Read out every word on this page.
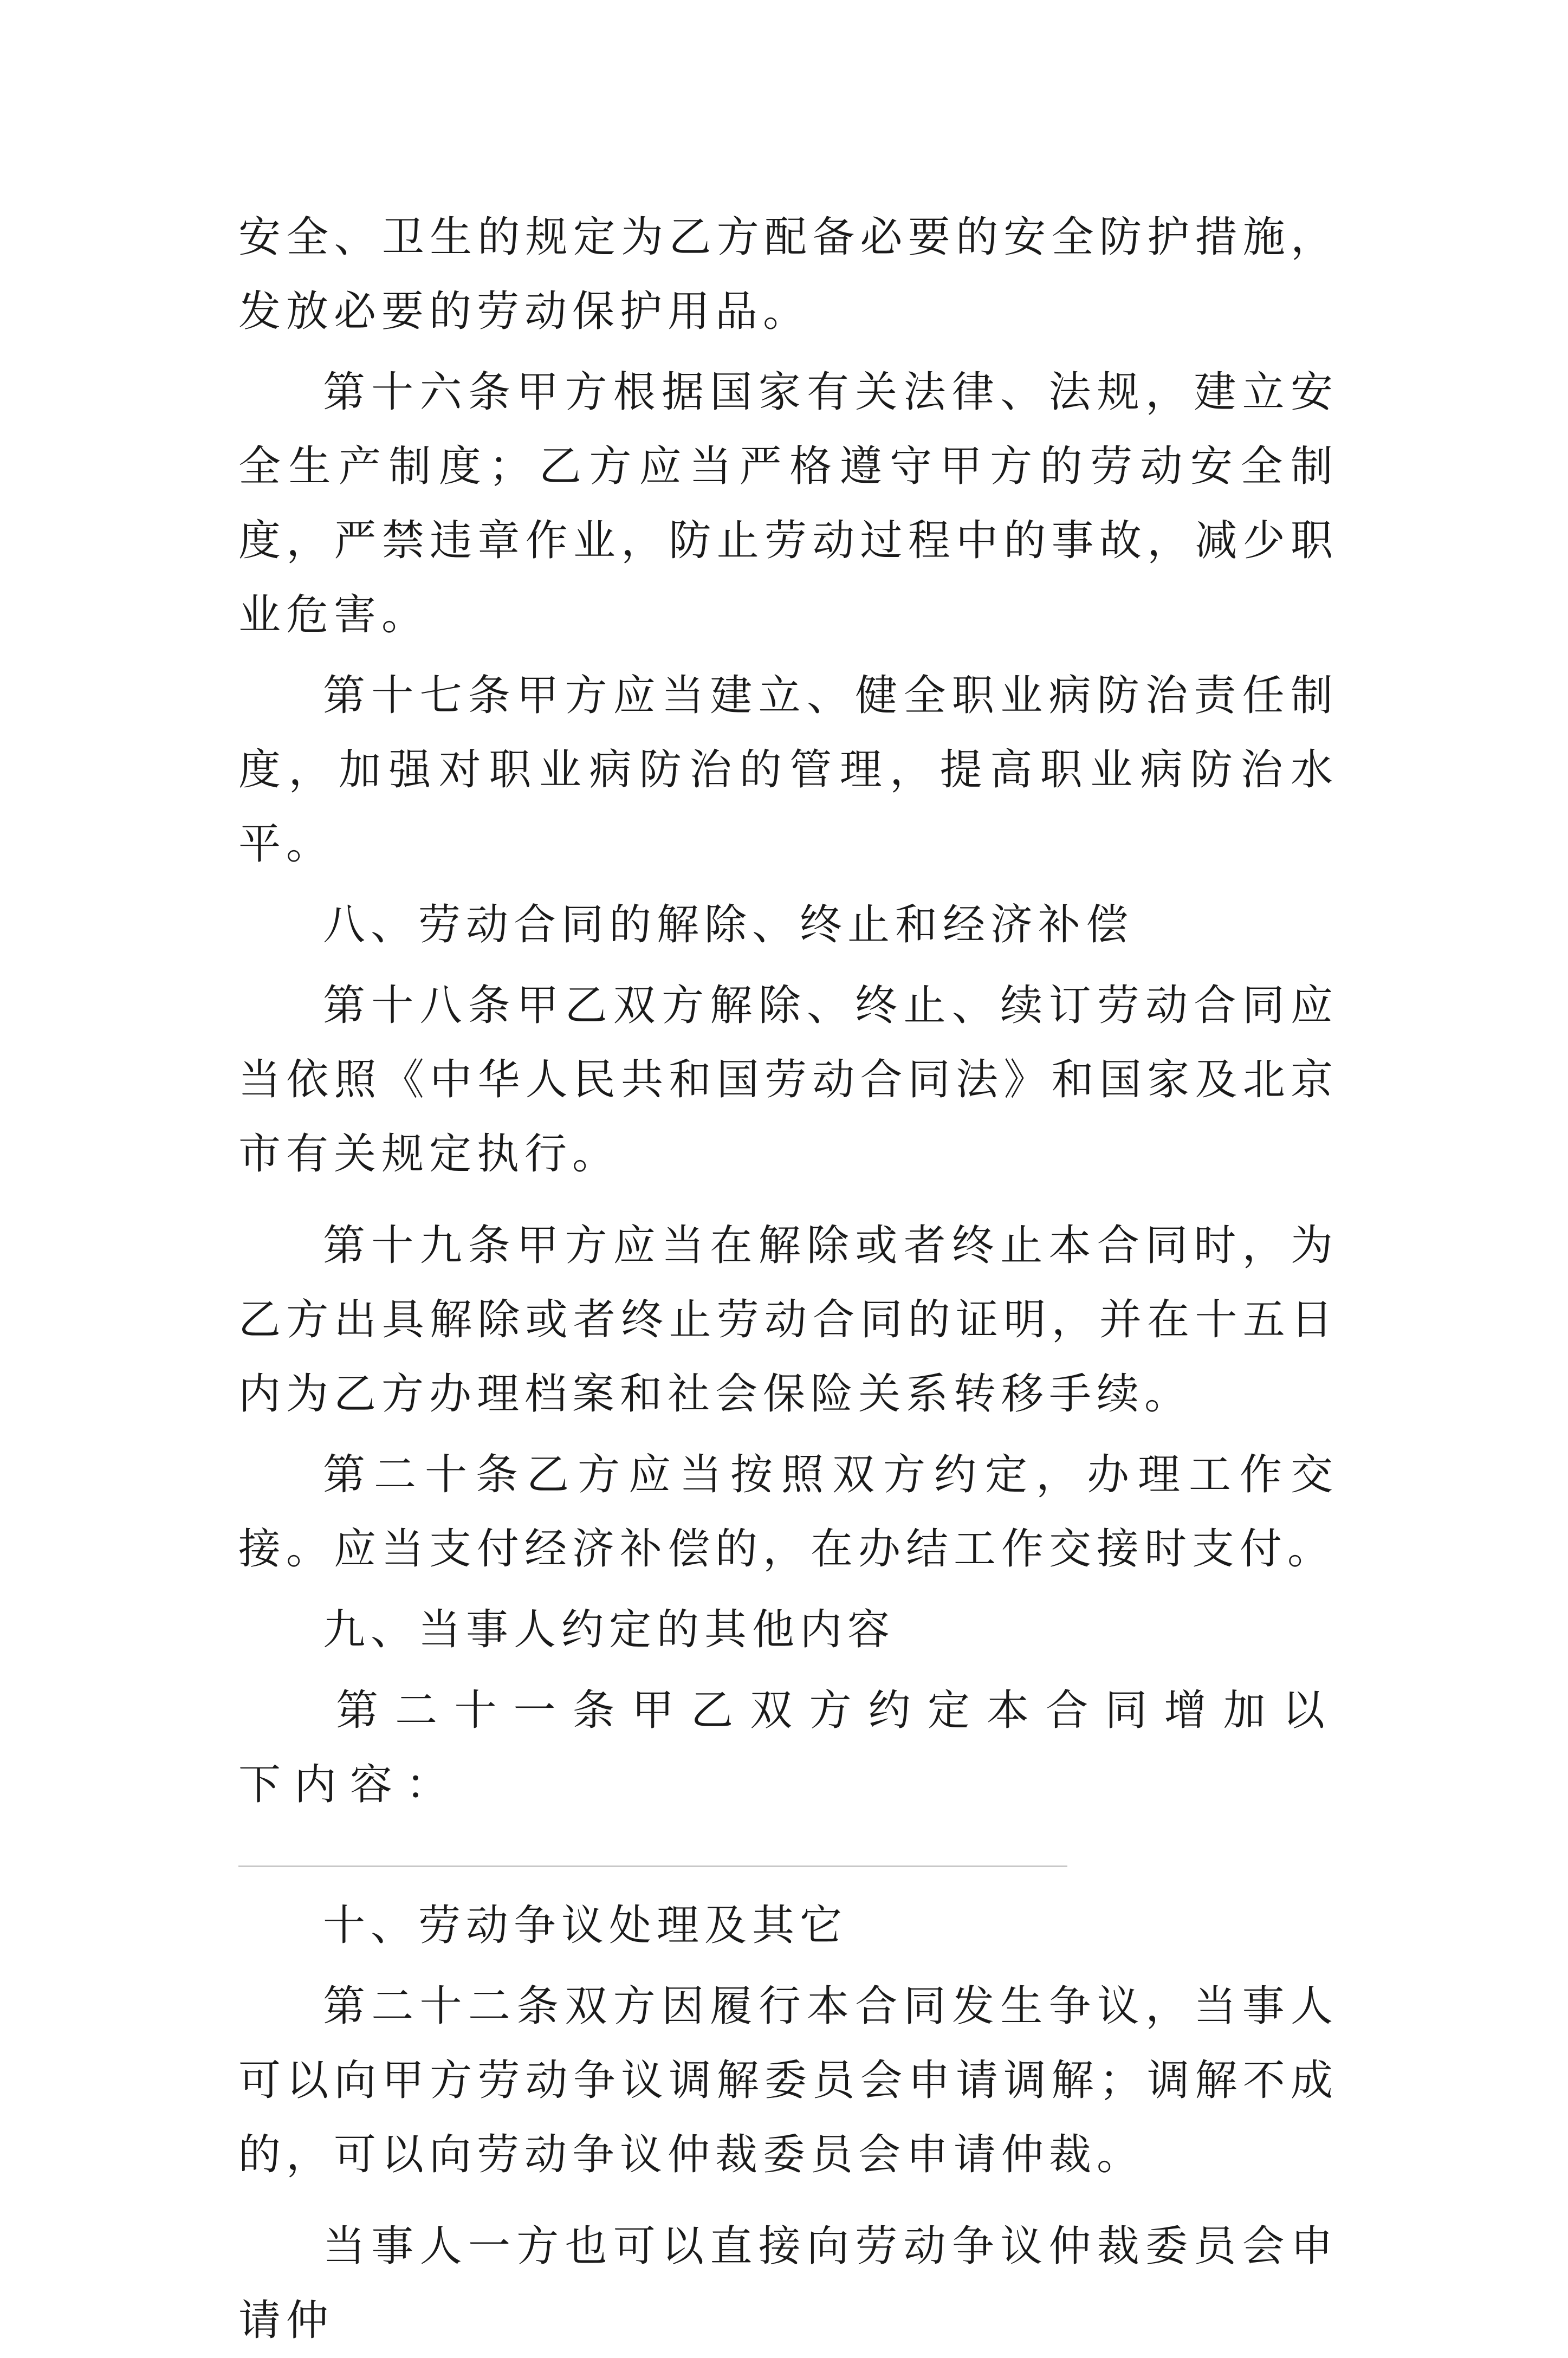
安全、卫生的规定为乙方配备必要的安全防护措施，发放必要的劳动保护用品。

第十六条甲方根据国家有关法律、法规，建立安全生产制度；乙方应当严格遵守甲方的劳动安全制度，严禁违章作业，防止劳动过程中的事故，减少职业危害。

第十七条甲方应当建立、健全职业病防治责任制度，加强对职业病防治的管理，提高职业病防治水平。

八、劳动合同的解除、终止和经济补偿

第十八条甲乙双方解除、终止、续订劳动合同应当依照《中华人民共和国劳动合同法》和国家及北京市有关规定执行。

第十九条甲方应当在解除或者终止本合同时，为乙方出具解除或者终止劳动合同的证明，并在十五日内为乙方办理档案和社会保险关系转移手续。

第二十条乙方应当按照双方约定，办理工作交接。应当支付经济补偿的，在办结工作交接时支付。

九、当事人约定的其他内容

第二十一条甲乙双方约定本合同增加以下内容：

十、劳动争议处理及其它

第二十二条双方因履行本合同发生争议，当事人可以向甲方劳动争议调解委员会申请调解；调解不成的，可以向劳动争议仲裁委员会申请仲裁。

当事人一方也可以直接向劳动争议仲裁委员会申请仲
